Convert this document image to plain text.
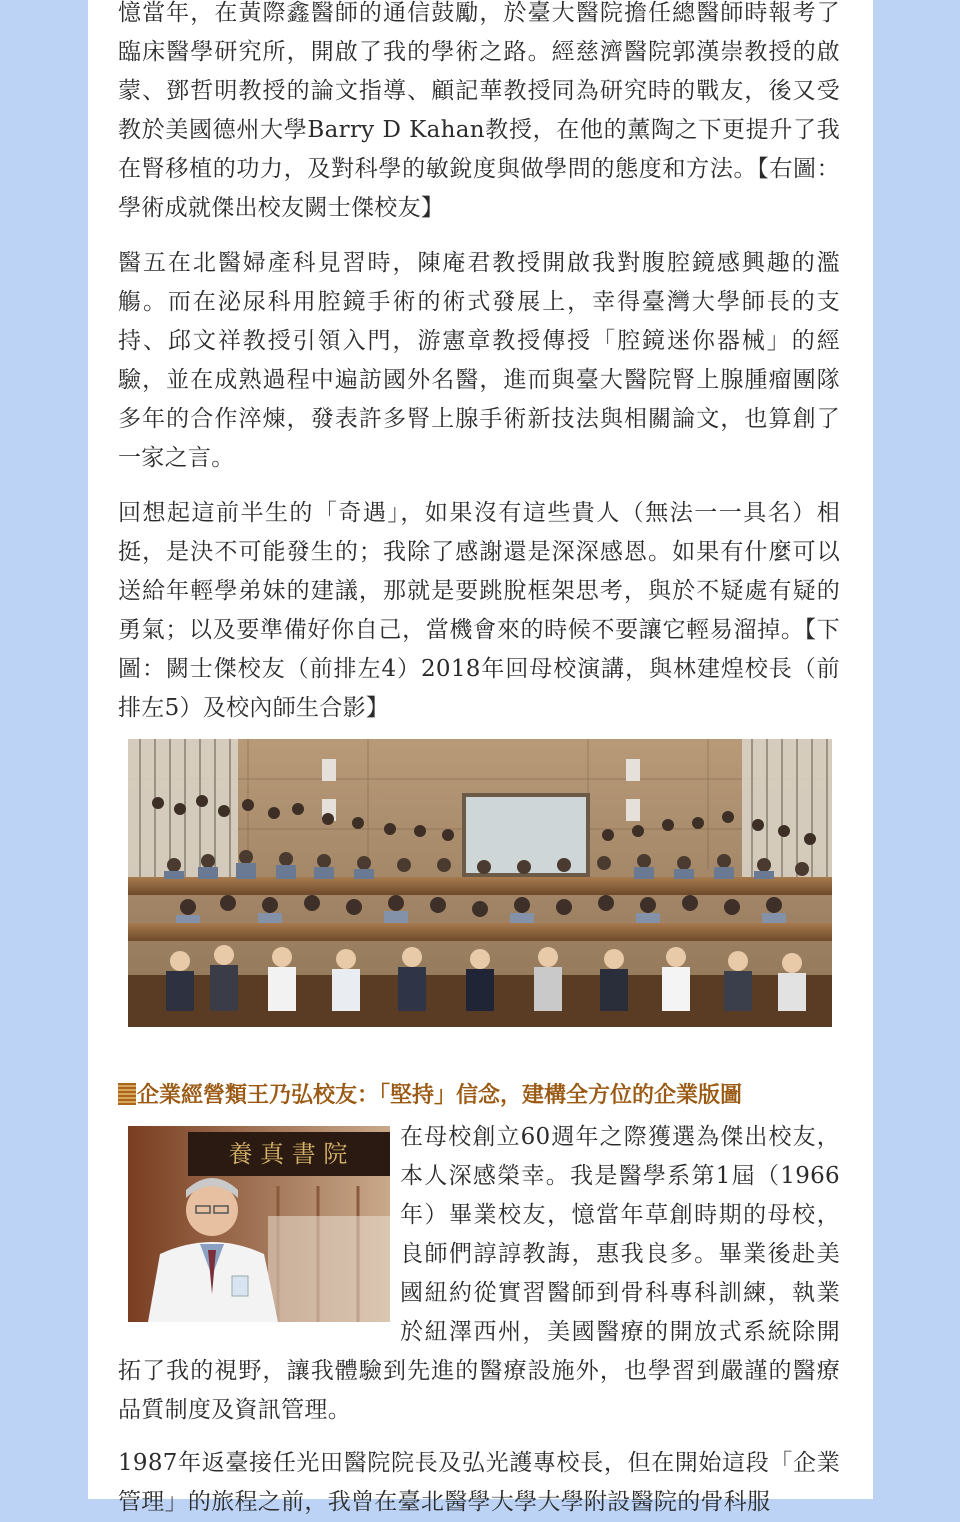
憶當年，在黃際鑫醫師的通信鼓勵，於臺大醫院擔任總醫師時報考了臨床醫學研究所，開啟了我的學術之路。經慈濟醫院郭漢崇教授的啟蒙、鄧哲明教授的論文指導、顧記華教授同為研究時的戰友，後又受教於美國德州大學Barry D Kahan教授，在他的薰陶之下更提升了我在腎移植的功力，及對科學的敏銳度與做學問的態度和方法。【右圖：學術成就傑出校友闕士傑校友】

醫五在北醫婦產科見習時，陳庵君教授開啟我對腹腔鏡感興趣的濫觴。而在泌尿科用腔鏡手術的術式發展上，幸得臺灣大學師長的支持、邱文祥教授引領入門，游憲章教授傳授「腔鏡迷你器械」的經驗，並在成熟過程中遍訪國外名醫，進而與臺大醫院腎上腺腫瘤團隊多年的合作淬煉，發表許多腎上腺手術新技法與相關論文，也算創了一家之言。

回想起這前半生的「奇遇」，如果沒有這些貴人（無法一一具名）相挺，是決不可能發生的；我除了感謝還是深深感恩。如果有什麼可以送給年輕學弟妹的建議，那就是要跳脫框架思考，與於不疑處有疑的勇氣；以及要準備好你自己，當機會來的時候不要讓它輕易溜掉。【下圖：闕士傑校友（前排左4）2018年回母校演講，與林建煌校長（前排左5）及校內師生合影】

企業經營類王乃弘校友：「堅持」信念，建構全方位的企業版圖
養 真 書 院

在母校創立60週年之際獲選為傑出校友，本人深感榮幸。我是醫學系第1屆（1966年）畢業校友，憶當年草創時期的母校，良師們諄諄教誨，惠我良多。畢業後赴美國紐約從實習醫師到骨科專科訓練，執業於紐澤西州，美國醫療的開放式系統除開拓了我的視野，讓我體驗到先進的醫療設施外，也學習到嚴謹的醫療品質制度及資訊管理。

1987年返臺接任光田醫院院長及弘光護專校長，但在開始這段「企業管理」的旅程之前，我曾在臺北醫學大學大學附設醫院的骨科服
